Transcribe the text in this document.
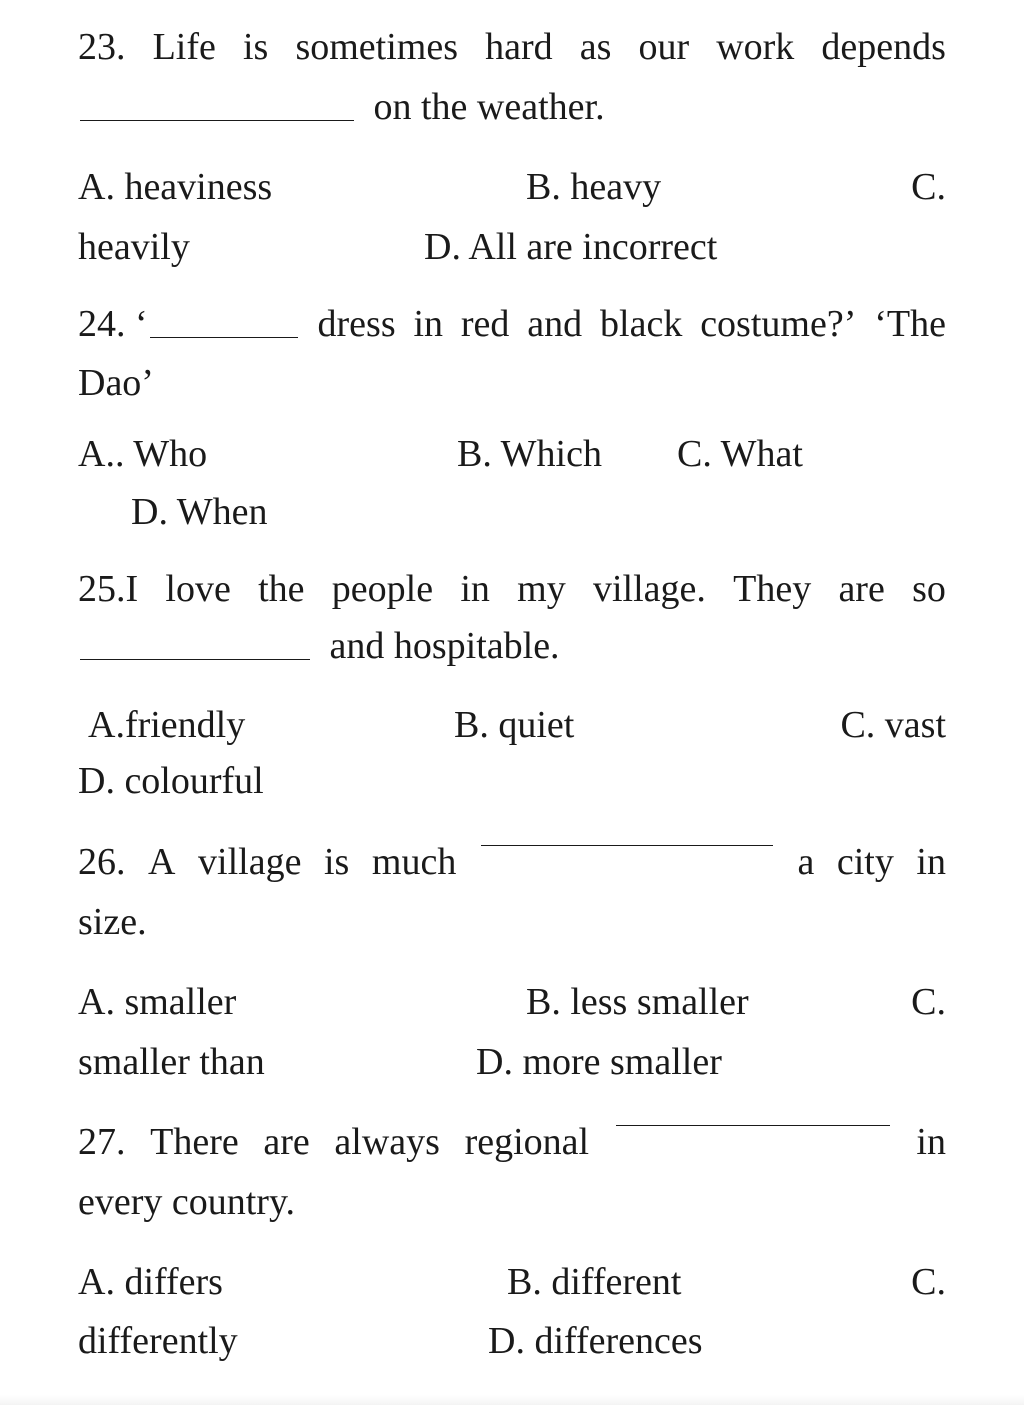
23. Life is sometimes hard as our work depends
on the weather.
A. heaviness	B. heavy	C.
heavily	D. All are incorrect
24. ‘	dress in red and black costume?’ ‘The
Dao’
A.. Who	B. Which C. What
D. When
25.I love the people in my village. They are so
and hospitable.
A.friendly	B. quiet	C. vast
D. colourful
26. A village is much	a city in
size.
A. smaller	B. less smaller	C.
smaller than	D. more smaller
27. There are always regional	in
every country.
A. differs	B. different	C.
differently	D. differences
